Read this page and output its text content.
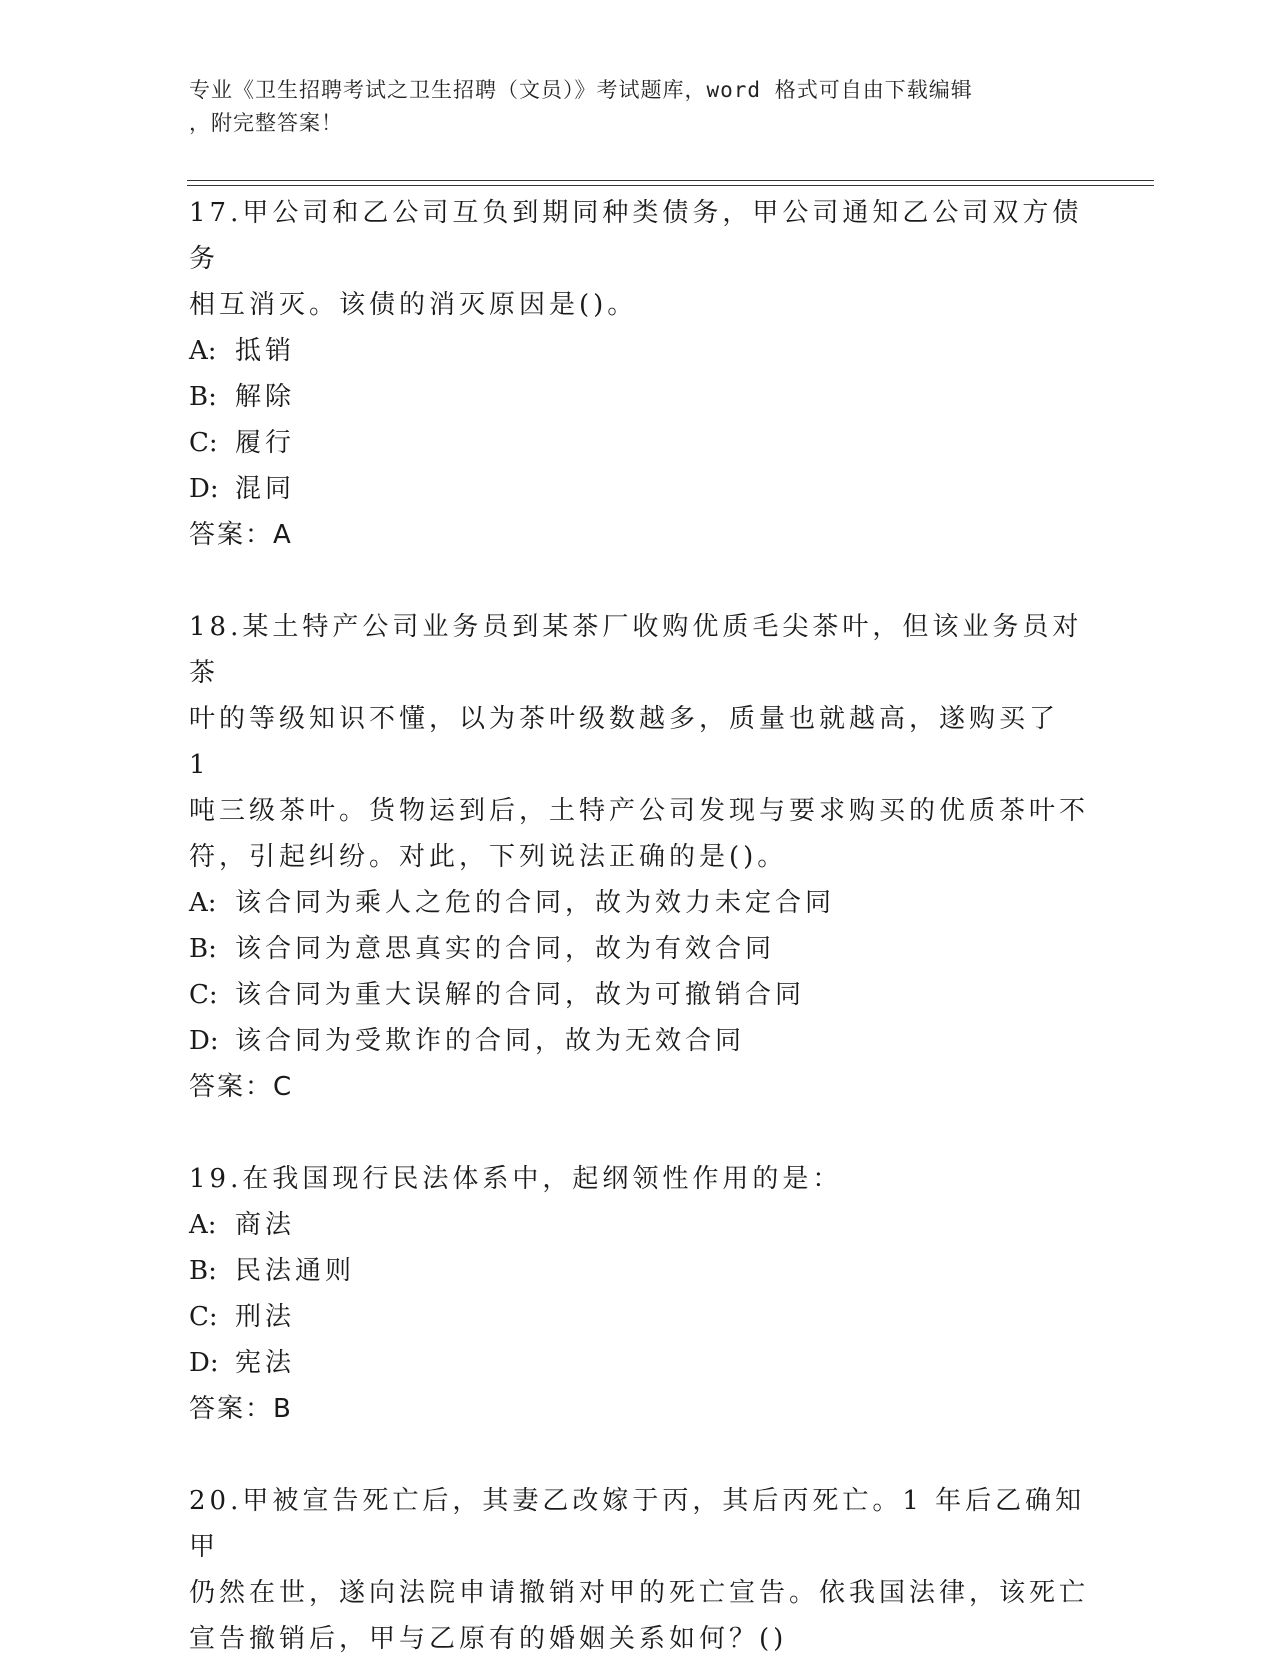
专业《卫生招聘考试之卫生招聘（文员）》考试题库，word 格式可自由下载编辑

，附完整答案！

17.甲公司和乙公司互负到期同种类债务，甲公司通知乙公司双方债务

相互消灭。该债的消灭原因是()。

A: 抵销

B: 解除

C: 履行

D: 混同

答案：A

18.某土特产公司业务员到某茶厂收购优质毛尖茶叶，但该业务员对茶

叶的等级知识不懂，以为茶叶级数越多，质量也就越高，遂购买了 1

吨三级茶叶。货物运到后，土特产公司发现与要求购买的优质茶叶不

符，引起纠纷。对此，下列说法正确的是()。

A: 该合同为乘人之危的合同，故为效力未定合同

B: 该合同为意思真实的合同，故为有效合同

C: 该合同为重大误解的合同，故为可撤销合同

D: 该合同为受欺诈的合同，故为无效合同

答案：C

19.在我国现行民法体系中，起纲领性作用的是：

A: 商法

B: 民法通则

C: 刑法

D: 宪法

答案：B

20.甲被宣告死亡后，其妻乙改嫁于丙，其后丙死亡。1 年后乙确知甲

仍然在世，遂向法院申请撤销对甲的死亡宣告。依我国法律，该死亡

宣告撤销后，甲与乙原有的婚姻关系如何？()
